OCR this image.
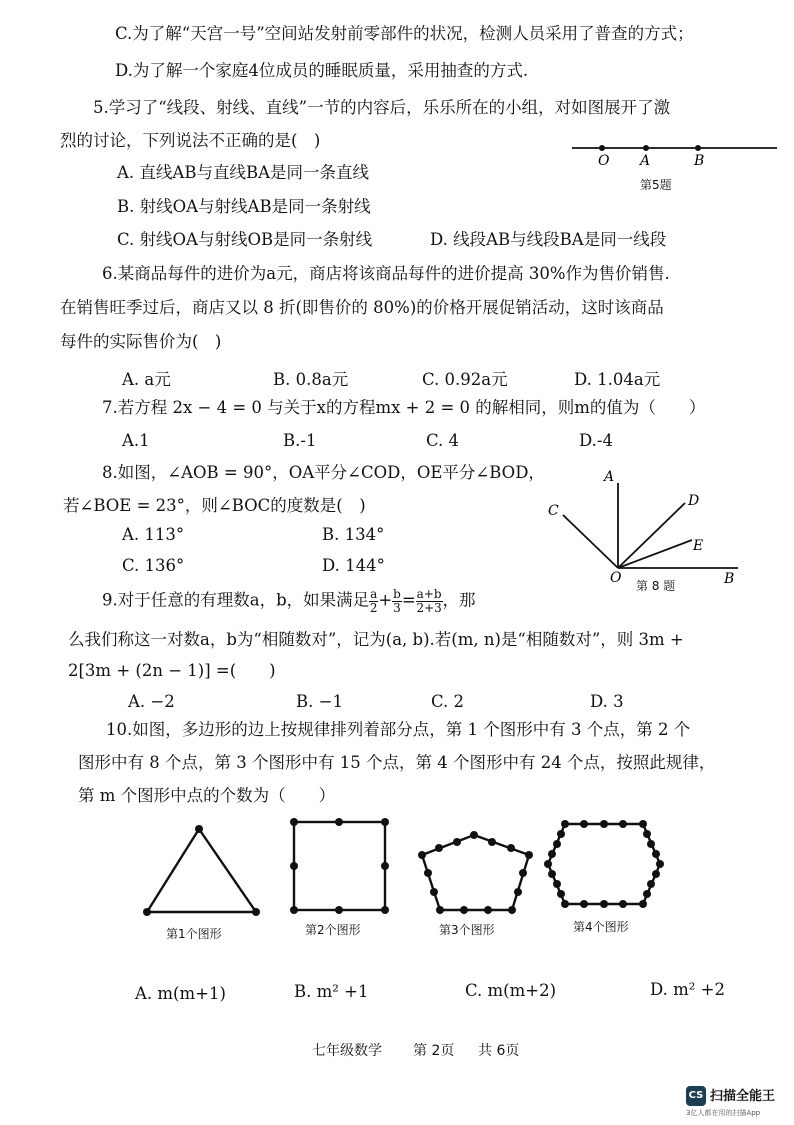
C.为了解“天宫一号”空间站发射前零部件的状况，检测人员采用了普查的方式；
D.为了解一个家庭4位成员的睡眠质量，采用抽查的方式.
5.学习了“线段、射线、直线”一节的内容后，乐乐所在的小组，对如图展开了激
烈的讨论，下列说法不正确的是(　)
O A	B
第5题
A. 直线AB与直线BA是同一条直线
B. 射线OA与射线AB是同一条射线
C. 射线OA与射线OB是同一条射线	D. 线段AB与线段BA是同一线段
6.某商品每件的进价为a元，商店将该商品每件的进价提高 30%作为售价销售.
在销售旺季过后，商店又以 8 折(即售价的 80%)的价格开展促销活动，这时该商品
每件的实际售价为(　)
A. a元	B. 0.8a元	C. 0.92a元	D. 1.04a元
7.若方程 2x − 4 = 0 与关于x的方程mx + 2 = 0 的解相同，则m的值为（　　）
A.1	B.-1	C. 4	D.-4
8.如图，∠AOB = 90°，OA平分∠COD，OE平分∠BOD，
若∠BOE = 23°，则∠BOC的度数是(　)
A. 113°	B. 134°
C. 136°	D. 144°
A
D
C
E
O	B
第 8 题
9.对于任意的有理数a，b，如果满足 $\frac{a}{2} + \frac{b}{3} = \frac{a+b}{2+3}$ ，那
么我们称这一对数a，b为“相随数对”，记为(a, b).若(m, n)是“相随数对”，则 3m +
2[3m + (2n − 1)] =(　　)
A. −2	B. −1	C. 2	D. 3
10.如图，多边形的边上按规律排列着部分点，第 1 个图形中有 3 个点，第 2 个
图形中有 8 个点，第 3 个图形中有 15 个点，第 4 个图形中有 24 个点，按照此规律，
第 m 个图形中点的个数为（　　）
第1个图形	第2个图形	第3个图形	第4个图形
A. m(m+1)	B. m² +1	C. m(m+2)	D. m² +2
七年级数学 第 2页 共 6页
CS 扫描全能王
3亿人都在用的扫描App
